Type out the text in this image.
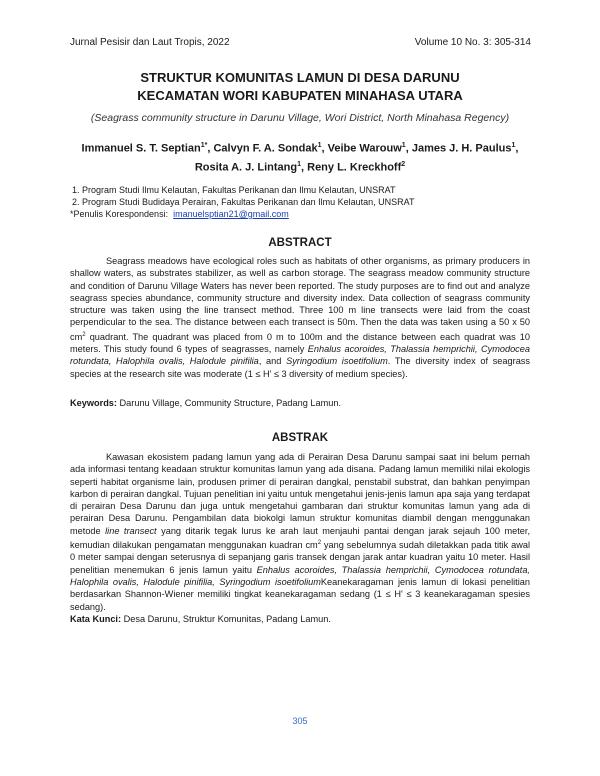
Jurnal Pesisir dan Laut Tropis, 2022	Volume 10 No. 3: 305-314
STRUKTUR KOMUNITAS LAMUN DI DESA DARUNU
KECAMATAN WORI KABUPATEN MINAHASA UTARA
(Seagrass community structure in Darunu Village, Wori District, North Minahasa Regency)
Immanuel S. T. Septian$^{1*}$, Calvyn F. A. Sondak$^1$, Veibe Warouw$^1$, James J. H. Paulus$^1$, Rosita A. J. Lintang$^1$, Reny L. Kreckhoff$^2$
1. Program Studi Ilmu Kelautan, Fakultas Perikanan dan Ilmu Kelautan, UNSRAT
2. Program Studi Budidaya Perairan, Fakultas Perikanan dan Ilmu Kelautan, UNSRAT
*Penulis Korespondensi: imanuelsptian21@gmail.com
ABSTRACT
Seagrass meadows have ecological roles such as habitats of other organisms, as primary producers in shallow waters, as substrates stabilizer, as well as carbon storage. The seagrass meadow community structure and condition of Darunu Village Waters has never been reported. The study purposes are to find out and analyze seagrass species abundance, community structure and diversity index. Data collection of seagrass community structure was taken using the line transect method. Three 100 m line transects were laid from the coast perpendicular to the sea. The distance between each transect is 50m. Then the data was taken using a 50 x 50 $cm^2$ quadrant. The quadrant was placed from 0 m to 100m and the distance between each quadrat was 10 meters. This study found 6 types of seagrasses, namely Enhalus acoroides, Thalassia hemprichii, Cymodocea rotundata, Halophila ovalis, Halodule pinifilia, and Syringodium isoetifolium. The diversity index of seagrass species at the research site was moderate (1 ≤ H' ≤ 3 diversity of medium species).
Keywords: Darunu Village, Community Structure, Padang Lamun.
ABSTRAK
Kawasan ekosistem padang lamun yang ada di Perairan Desa Darunu sampai saat ini belum pernah ada informasi tentang keadaan struktur komunitas lamun yang ada disana. Padang lamun memiliki nilai ekologis seperti habitat organisme lain, produsen primer di perairan dangkal, penstabil substrat, dan bahkan penyimpan karbon di perairan dangkal. Tujuan penelitian ini yaitu untuk mengetahui jenis-jenis lamun apa saja yang terdapat di perairan Desa Darunu dan juga untuk mengetahui gambaran dari struktur komunitas lamun yang ada di perairan Desa Darunu. Pengambilan data biokolgi lamun struktur komunitas diambil dengan menggunakan metode line transect yang ditarik tegak lurus ke arah laut menjauhi pantai dengan jarak sejauh 100 meter, kemudian dilakukan pengamatan menggunakan kuadran $cm^2$ yang sebelumnya sudah diletakkan pada titik awal 0 meter sampai dengan seterusnya di sepanjang garis transek dengan jarak antar kuadran yaitu 10 meter. Hasil penelitian menemukan 6 jenis lamun yaitu Enhalus acoroides, Thalassia hemprichii, Cymodocea rotundata, Halophila ovalis, Halodule pinifilia, Syringodium isoetifoliumKeanekaragaman jenis lamun di lokasi penelitian berdasarkan Shannon-Wiener memiliki tingkat keanekaragaman sedang (1 ≤ H' ≤ 3 keanekaragaman spesies sedang).
Kata Kunci: Desa Darunu, Struktur Komunitas, Padang Lamun.
305
